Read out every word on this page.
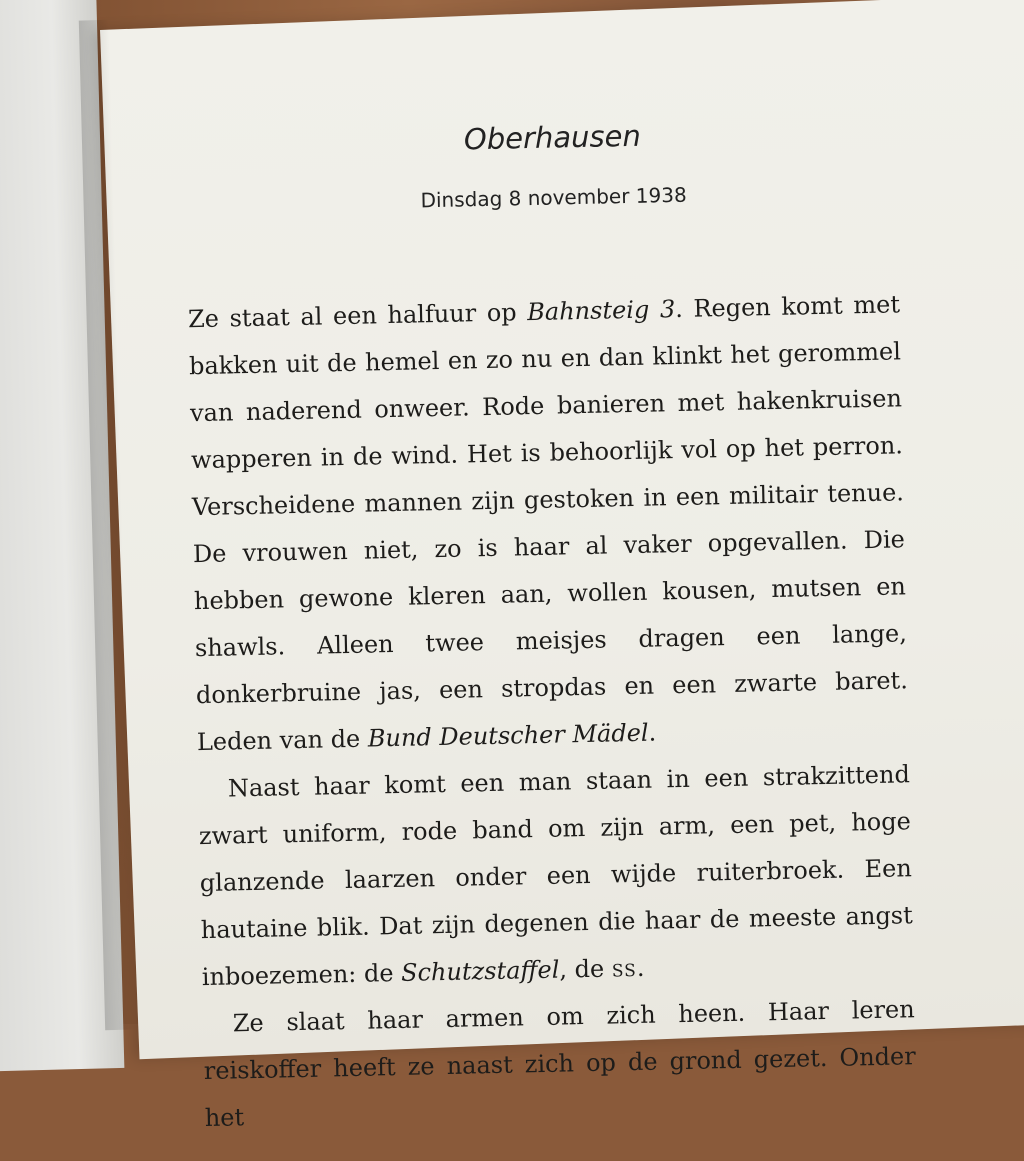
Oberhausen
Dinsdag 8 november 1938

Ze staat al een halfuur op Bahnsteig 3. Regen komt met bakken uit de hemel en zo nu en dan klinkt het gerommel van naderend onweer. Rode banieren met hakenkruisen wapperen in de wind. Het is behoorlijk vol op het perron. Verscheidene mannen zijn gestoken in een militair tenue. De vrouwen niet, zo is haar al vaker opgevallen. Die hebben gewone kleren aan, wollen kousen, mutsen en shawls. Alleen twee meisjes dragen een lange, donkerbruine jas, een stropdas en een zwarte baret. Leden van de Bund Deutscher Mädel.

Naast haar komt een man staan in een strakzittend zwart uniform, rode band om zijn arm, een pet, hoge glanzende laarzen onder een wijde ruiterbroek. Een hautaine blik. Dat zijn degenen die haar de meeste angst inboezemen: de Schutzstaffel, de ss.

Ze slaat haar armen om zich heen. Haar leren reiskoffer heeft ze naast zich op de grond gezet. Onder het
